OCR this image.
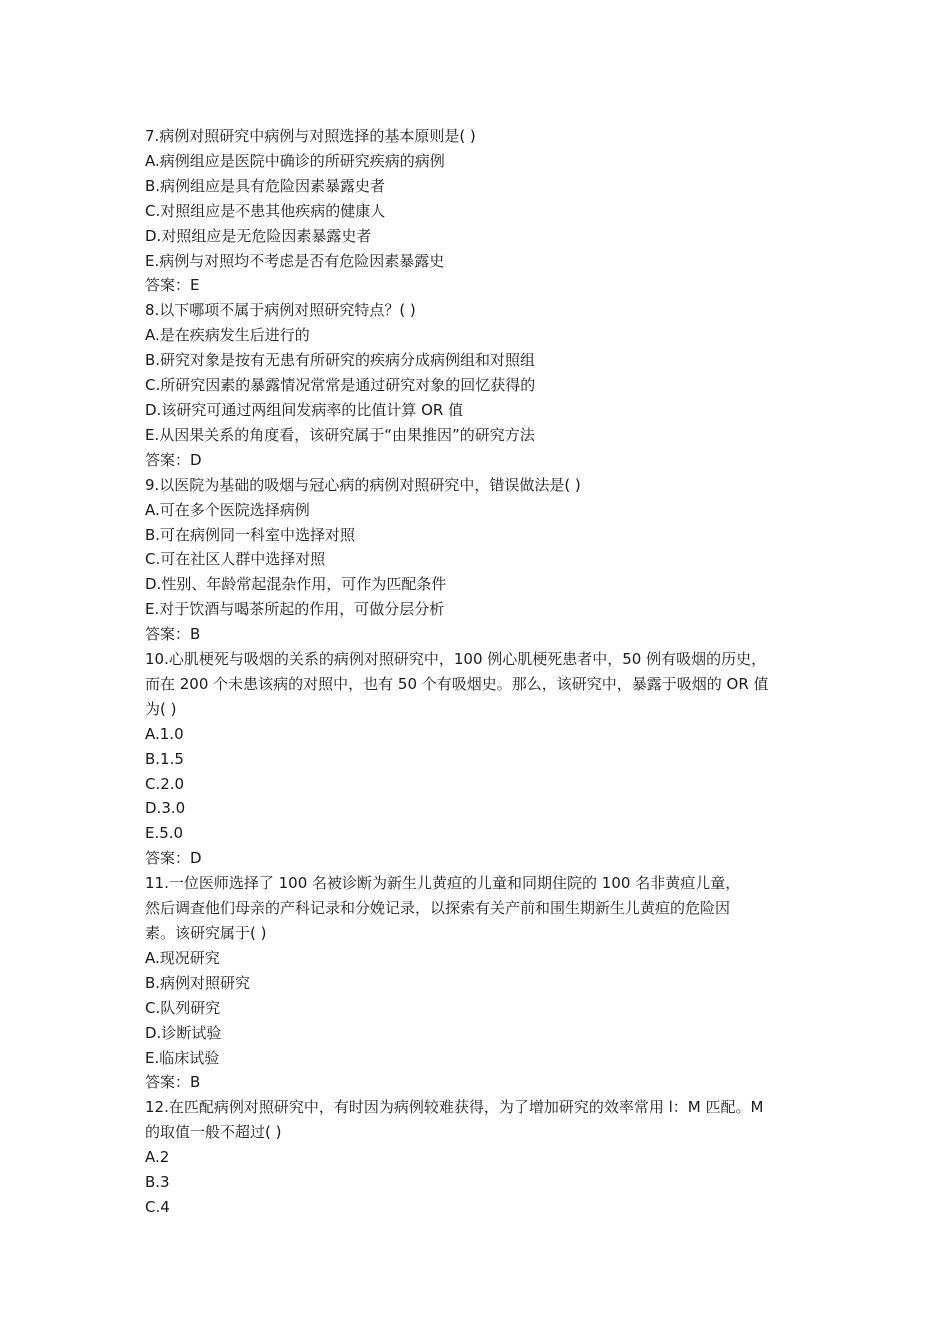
7.病例对照研究中病例与对照选择的基本原则是( )
A.病例组应是医院中确诊的所研究疾病的病例
B.病例组应是具有危险因素暴露史者
C.对照组应是不患其他疾病的健康人
D.对照组应是无危险因素暴露史者
E.病例与对照均不考虑是否有危险因素暴露史
答案：E
8.以下哪项不属于病例对照研究特点？( )
A.是在疾病发生后进行的
B.研究对象是按有无患有所研究的疾病分成病例组和对照组
C.所研究因素的暴露情况常常是通过研究对象的回忆获得的
D.该研究可通过两组间发病率的比值计算 OR 值
E.从因果关系的角度看，该研究属于“由果推因”的研究方法
答案：D
9.以医院为基础的吸烟与冠心病的病例对照研究中，错误做法是( )
A.可在多个医院选择病例
B.可在病例同一科室中选择对照
C.可在社区人群中选择对照
D.性别、年龄常起混杂作用，可作为匹配条件
E.对于饮酒与喝茶所起的作用，可做分层分析
答案：B
10.心肌梗死与吸烟的关系的病例对照研究中，100 例心肌梗死患者中，50 例有吸烟的历史，
而在 200 个未患该病的对照中，也有 50 个有吸烟史。那么，该研究中，暴露于吸烟的 OR 值
为( )
A.1.0
B.1.5
C.2.0
D.3.0
E.5.0
答案：D
11.一位医师选择了 100 名被诊断为新生儿黄疸的儿童和同期住院的 100 名非黄疸儿童，
然后调查他们母亲的产科记录和分娩记录，以探索有关产前和围生期新生儿黄疸的危险因
素。该研究属于( )
A.现况研究
B.病例对照研究
C.队列研究
D.诊断试验
E.临床试验
答案：B
12.在匹配病例对照研究中，有时因为病例较难获得，为了增加研究的效率常用 l：M 匹配。M
的取值一般不超过( )
A.2
B.3
C.4
